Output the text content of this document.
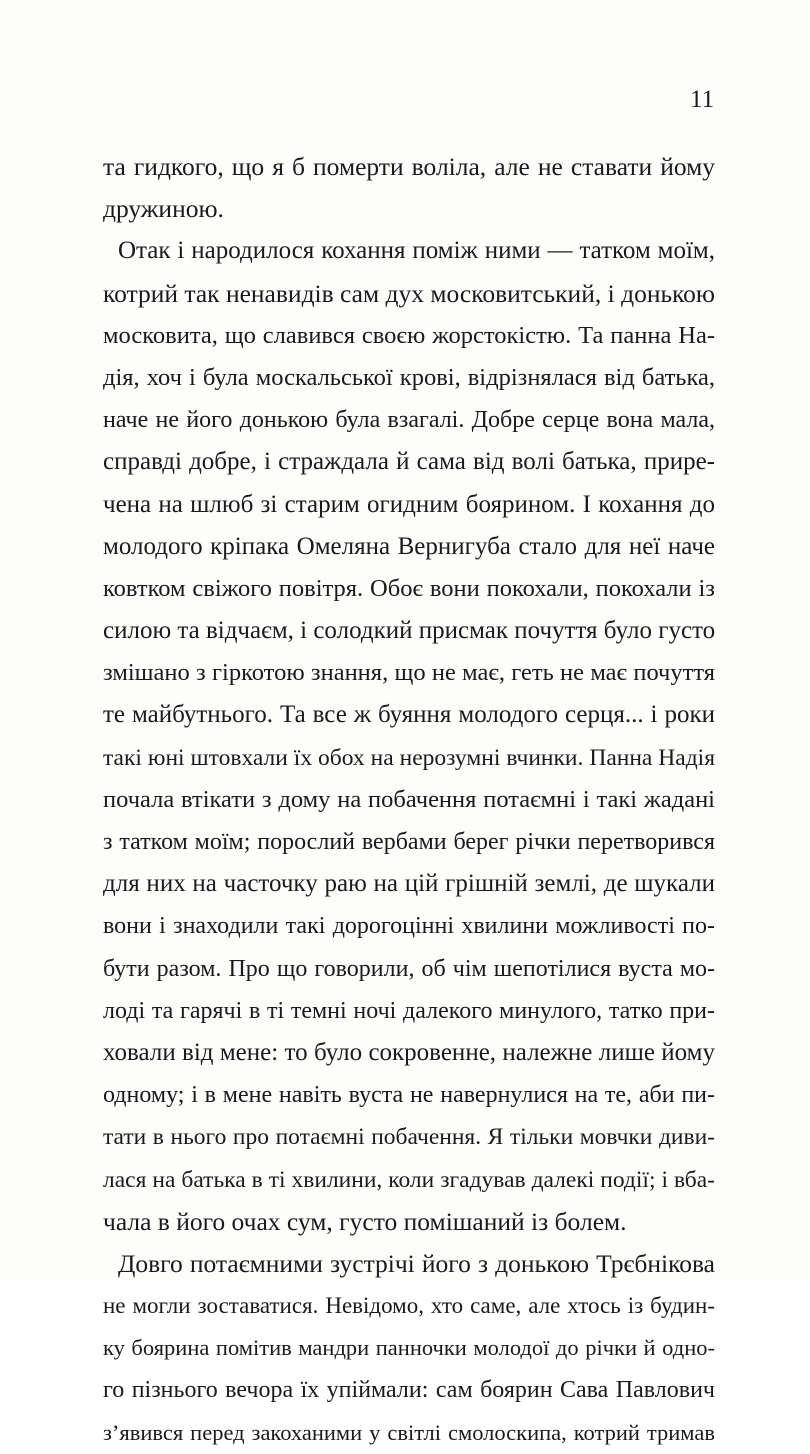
11
та гидкого, що я б померти воліла, але не ставати йому
дружиною.
Отак і народилося кохання поміж ними — татком моїм,
котрий так ненавидів сам дух московитський, і донькою
московита, що славився своєю жорстокістю. Та панна На-
дія, хоч і була москальської крові, відрізнялася від батька,
наче не його донькою була взагалі. Добре серце вона мала,
справді добре, і страждала й сама від волі батька, прире-
чена на шлюб зі старим огидним боярином. І кохання до
молодого кріпака Омеляна Вернигуба стало для неї наче
ковтком свіжого повітря. Обоє вони покохали, покохали із
силою та відчаєм, і солодкий присмак почуття було густо
змішано з гіркотою знання, що не має, геть не має почуття
те майбутнього. Та все ж буяння молодого серця... і роки
такі юні штовхали їх обох на нерозумні вчинки. Панна Надія
почала втікати з дому на побачення потаємні і такі жадані
з татком моїм; порослий вербами берег річки перетворився
для них на часточку раю на цій грішній землі, де шукали
вони і знаходили такі дорогоцінні хвилини можливості по-
бути разом. Про що говорили, об чім шепотілися вуста мо-
лоді та гарячі в ті темні ночі далекого минулого, татко при-
ховали від мене: то було сокровенне, належне лише йому
одному; і в мене навіть вуста не навернулися на те, аби пи-
тати в нього про потаємні побачення. Я тільки мовчки диви-
лася на батька в ті хвилини, коли згадував далекі події; і вба-
чала в його очах сум, густо помішаний із болем.
Довго потаємними зустрічі його з донькою Трєбнікова
не могли зоставатися. Невідомо, хто саме, але хтось із будин-
ку боярина помітив мандри панночки молодої до річки й одно-
го пізнього вечора їх упіймали: сам боярин Сава Павлович
з’явився перед закоханими у світлі смолоскипа, котрий тримав
